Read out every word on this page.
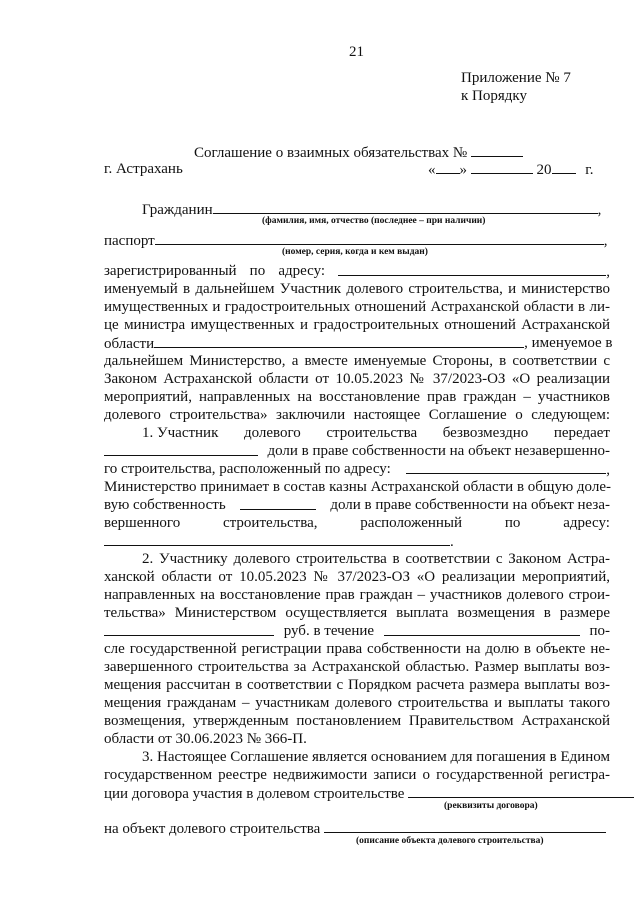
21
Приложение № 7
к Порядку
Соглашение о взаимных обязательствах №
г. Астрахань	« »	20 г.
Гражданин	,
(фамилия, имя, отчество (последнее – при наличии)
паспорт	,
(номер, серия, когда и кем выдан)
зарегистрированный по адресу:	,
именуемый в дальнейшем Участник долевого строительства, и министерство
имущественных и градостроительных отношений Астраханской области в ли-
це министра имущественных и градостроительных отношений Астраханской
области	, именуемое в
дальнейшем Министерство, а вместе именуемые Стороны, в соответствии с
Законом Астраханской области от 10.05.2023 № 37/2023-ОЗ «О реализации
мероприятий, направленных на восстановление прав граждан – участников
долевого строительства» заключили настоящее Соглашение о следующем:
1. Участник долевого строительства безвозмездно передает
доли в праве собственности на объект незавершенно-
го строительства, расположенный по адресу:	,
Министерство принимает в состав казны Астраханской области в общую доле-
вую собственность	доли в праве собственности на объект неза-
вершенного	строительства,	расположенный	по	адресу:
.
2. Участнику долевого строительства в соответствии с Законом Астра-
ханской области от 10.05.2023 № 37/2023-ОЗ «О реализации мероприятий,
направленных на восстановление прав граждан – участников долевого строи-
тельства» Министерством осуществляется выплата возмещения в размере
руб. в течение	по-
сле государственной регистрации права собственности на долю в объекте не-
завершенного строительства за Астраханской областью. Размер выплаты воз-
мещения рассчитан в соответствии с Порядком расчета размера выплаты воз-
мещения гражданам – участникам долевого строительства и выплаты такого
возмещения, утвержденным постановлением Правительством Астраханской
области от 30.06.2023 № 366-П.
3. Настоящее Соглашение является основанием для погашения в Едином
государственном реестре недвижимости записи о государственной регистра-
ции договора участия в долевом строительстве
(реквизиты договора)
на объект долевого строительства
(описание объекта долевого строительства)
